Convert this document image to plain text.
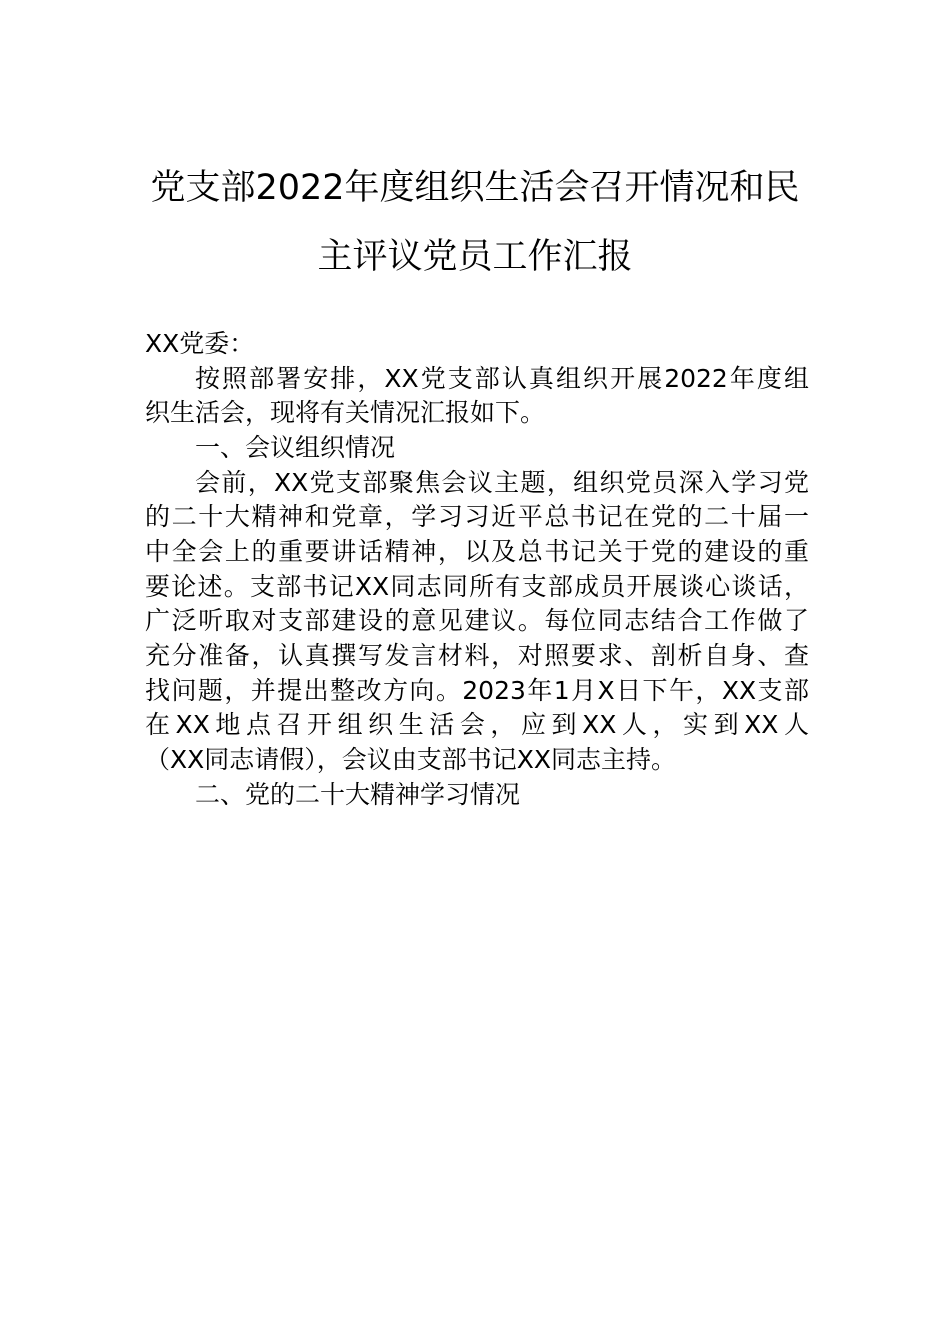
党支部2022年度组织生活会召开情况和民
主评议党员工作汇报
XX党委：
按照部署安排，XX党支部认真组织开展2022年度组
织生活会，现将有关情况汇报如下。
一、会议组织情况
会前，XX党支部聚焦会议主题，组织党员深入学习党
的二十大精神和党章，学习习近平总书记在党的二十届一
中全会上的重要讲话精神，以及总书记关于党的建设的重
要论述。支部书记XX同志同所有支部成员开展谈心谈话，
广泛听取对支部建设的意见建议。每位同志结合工作做了
充分准备，认真撰写发言材料，对照要求、剖析自身、查
找问题，并提出整改方向。2023年1月X日下午，XX支部
在XX地点召开组织生活会，应到XX人，实到XX人
（XX同志请假），会议由支部书记XX同志主持。
二、党的二十大精神学习情况
